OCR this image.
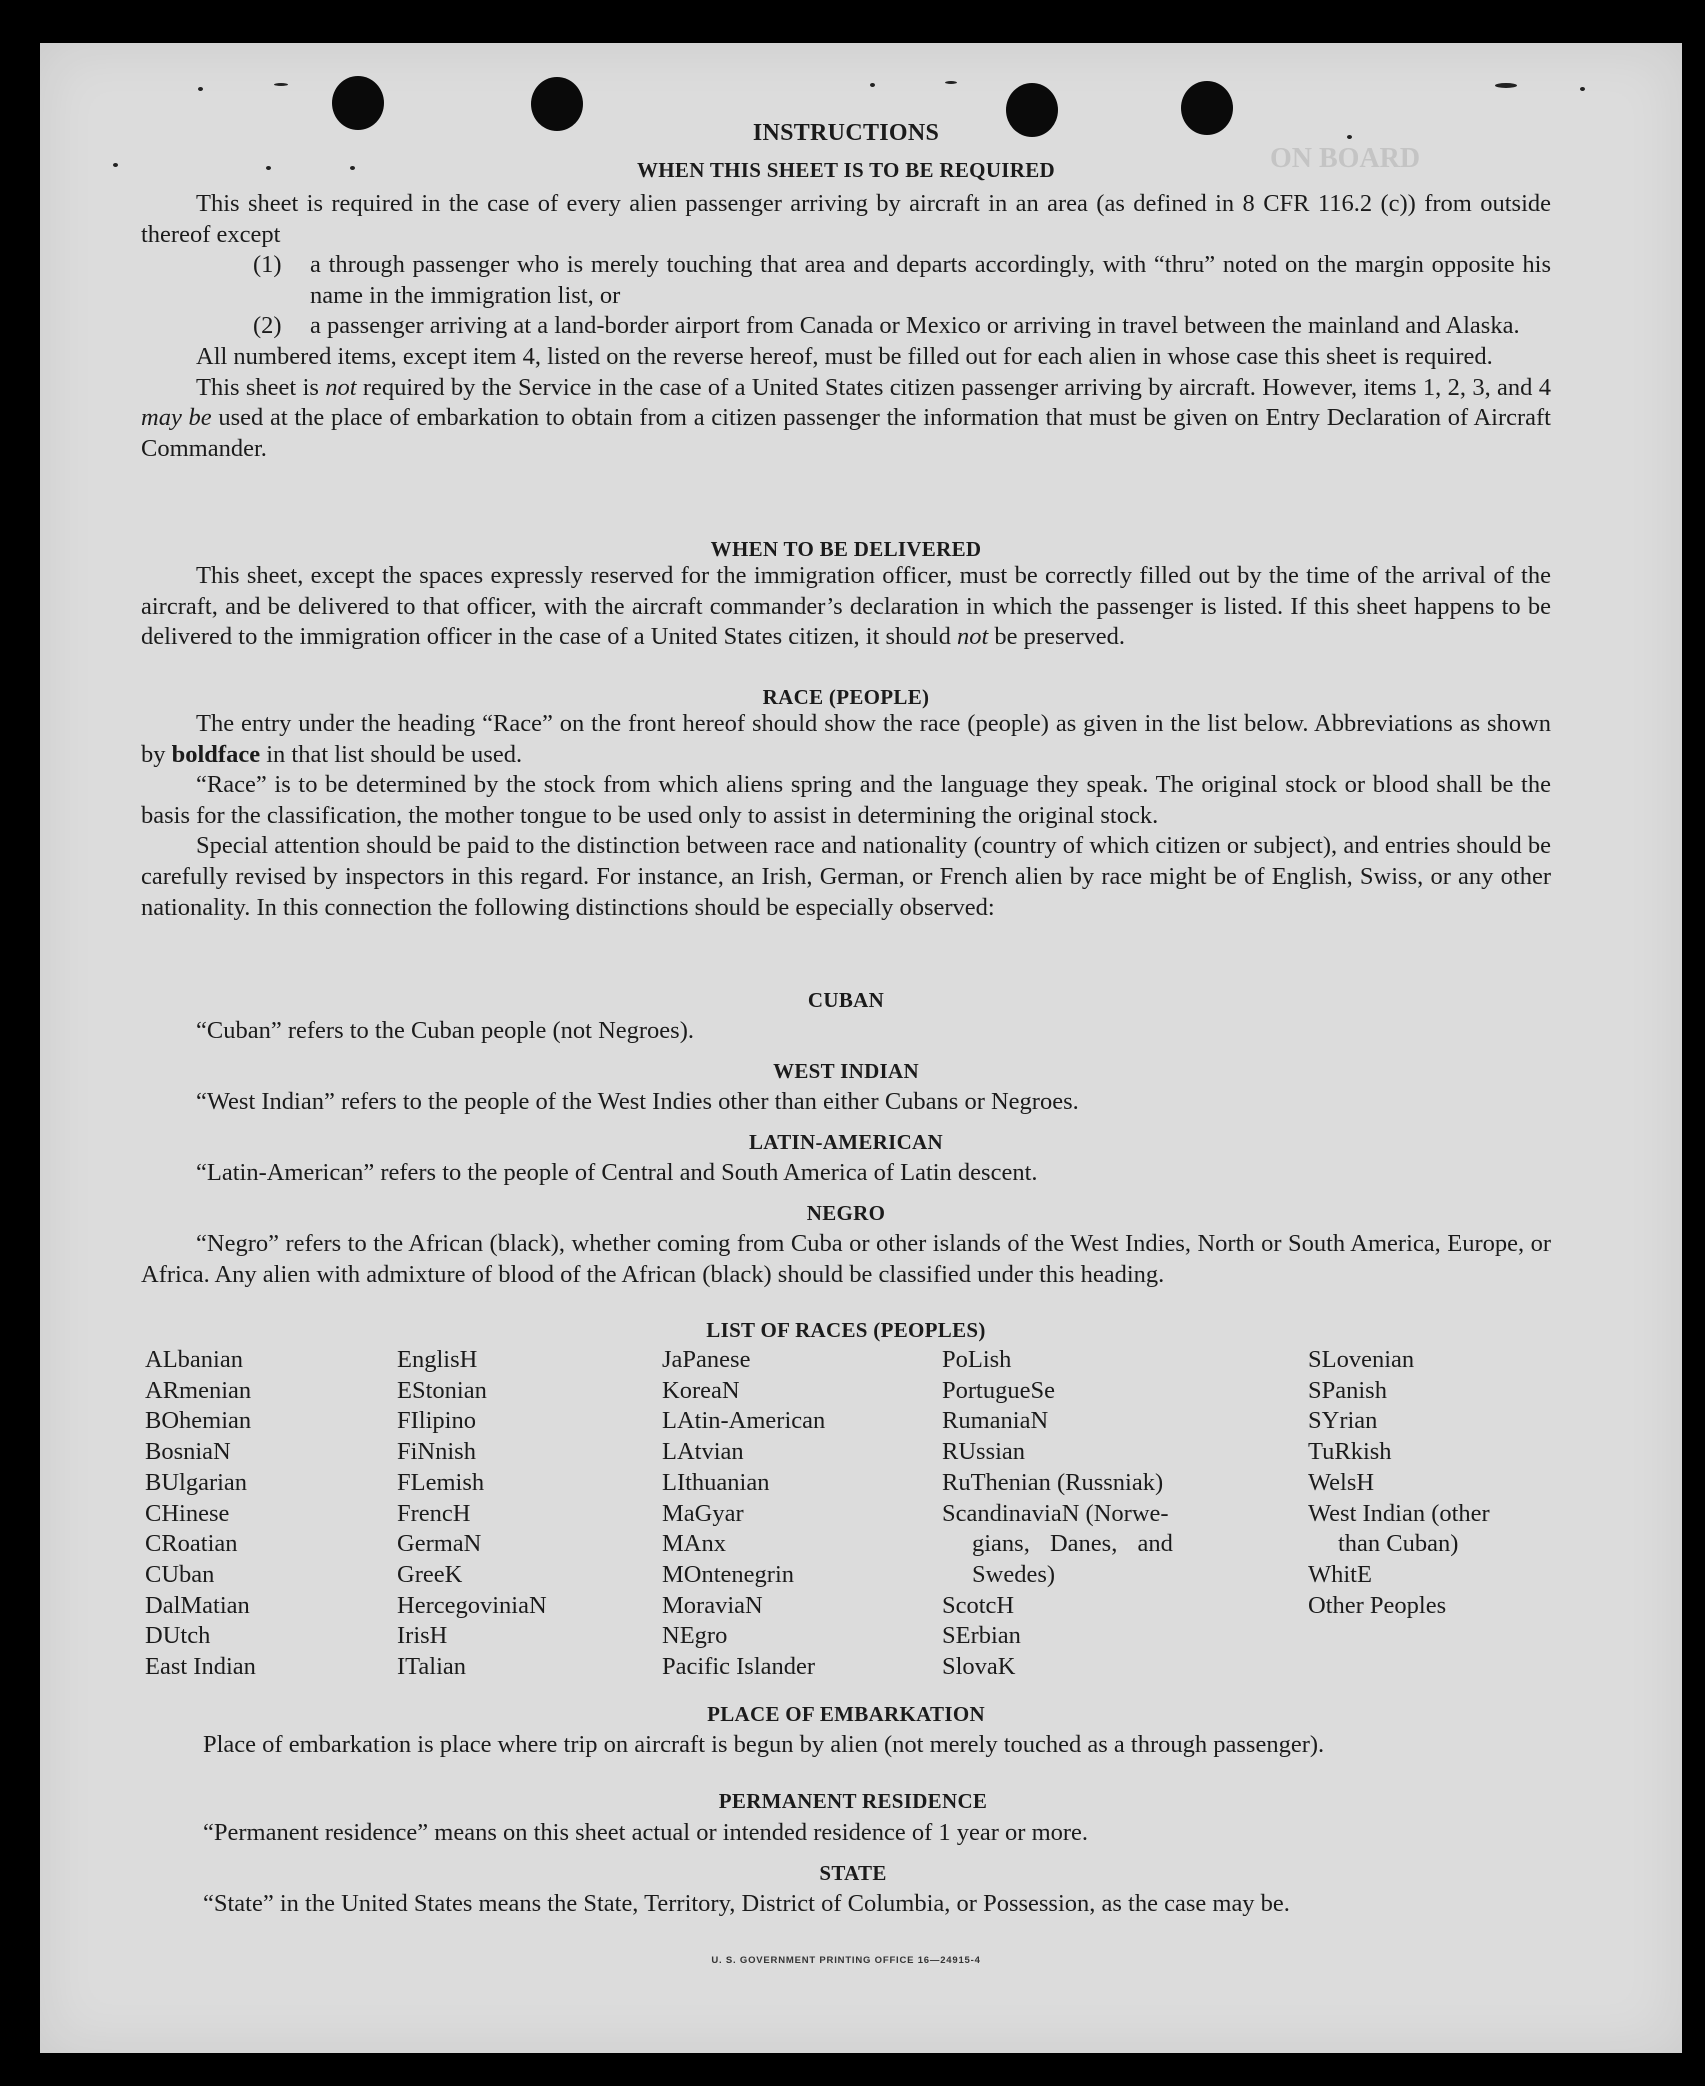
ON BOARD
INSTRUCTIONS
WHEN THIS SHEET IS TO BE REQUIRED

This sheet is required in the case of every alien passenger arriving by aircraft in an area (as defined in 8 CFR 116.2 (c)) from outside thereof except

(1) a through passenger who is merely touching that area and departs accordingly, with “thru” noted on the margin opposite his name in the immigration list, or

(2) a passenger arriving at a land-border airport from Canada or Mexico or arriving in travel between the mainland and Alaska.

All numbered items, except item 4, listed on the reverse hereof, must be filled out for each alien in whose case this sheet is required.

This sheet is not required by the Service in the case of a United States citizen passenger arriving by aircraft. However, items 1, 2, 3, and 4 may be used at the place of embarkation to obtain from a citizen passenger the information that must be given on Entry Declaration of Aircraft Commander.

WHEN TO BE DELIVERED

This sheet, except the spaces expressly reserved for the immigration officer, must be correctly filled out by the time of the arrival of the aircraft, and be delivered to that officer, with the aircraft commander’s declaration in which the passenger is listed. If this sheet happens to be delivered to the immigration officer in the case of a United States citizen, it should not be preserved.

RACE (PEOPLE)

The entry under the heading “Race” on the front hereof should show the race (people) as given in the list below. Abbreviations as shown by boldface in that list should be used.

“Race” is to be determined by the stock from which aliens spring and the language they speak. The original stock or blood shall be the basis for the classification, the mother tongue to be used only to assist in determining the original stock.

Special attention should be paid to the distinction between race and nationality (country of which citizen or subject), and entries should be carefully revised by inspectors in this regard. For instance, an Irish, German, or French alien by race might be of English, Swiss, or any other nationality. In this connection the following distinctions should be especially observed:

CUBAN

“Cuban” refers to the Cuban people (not Negroes).

WEST INDIAN

“West Indian” refers to the people of the West Indies other than either Cubans or Negroes.

LATIN-AMERICAN

“Latin-American” refers to the people of Central and South America of Latin descent.

NEGRO

“Negro” refers to the African (black), whether coming from Cuba or other islands of the West Indies, North or South America, Europe, or Africa. Any alien with admixture of blood of the African (black) should be classified under this heading.

LIST OF RACES (PEOPLES)
ALbanian
ARmenian
BOhemian
BosniaN
BUlgarian
CHinese
CRoatian
CUban
DalMatian
DUtch
East Indian
EnglisH
EStonian
FIlipino
FiNnish
FLemish
FrencH
GermaN
GreeK
HercegoviniaN
IrisH
ITalian
JaPanese
KoreaN
LAtin-American
LAtvian
LIthuanian
MaGyar
MAnx
MOntenegrin
MoraviaN
NEgro
Pacific Islander
PoLish
PortugueSe
RumaniaN
RUssian
RuThenian (Russniak)
ScandinaviaN (Norwe-
gians, Danes, and
Swedes)
ScotcH
SErbian
SlovaK
SLovenian
SPanish
SYrian
TuRkish
WelsH
West Indian (other
than Cuban)
WhitE
Other Peoples
PLACE OF EMBARKATION

Place of embarkation is place where trip on aircraft is begun by alien (not merely touched as a through passenger).

PERMANENT RESIDENCE

“Permanent residence” means on this sheet actual or intended residence of 1 year or more.

STATE

“State” in the United States means the State, Territory, District of Columbia, or Possession, as the case may be.

U. S. GOVERNMENT PRINTING OFFICE 16—24915-4
